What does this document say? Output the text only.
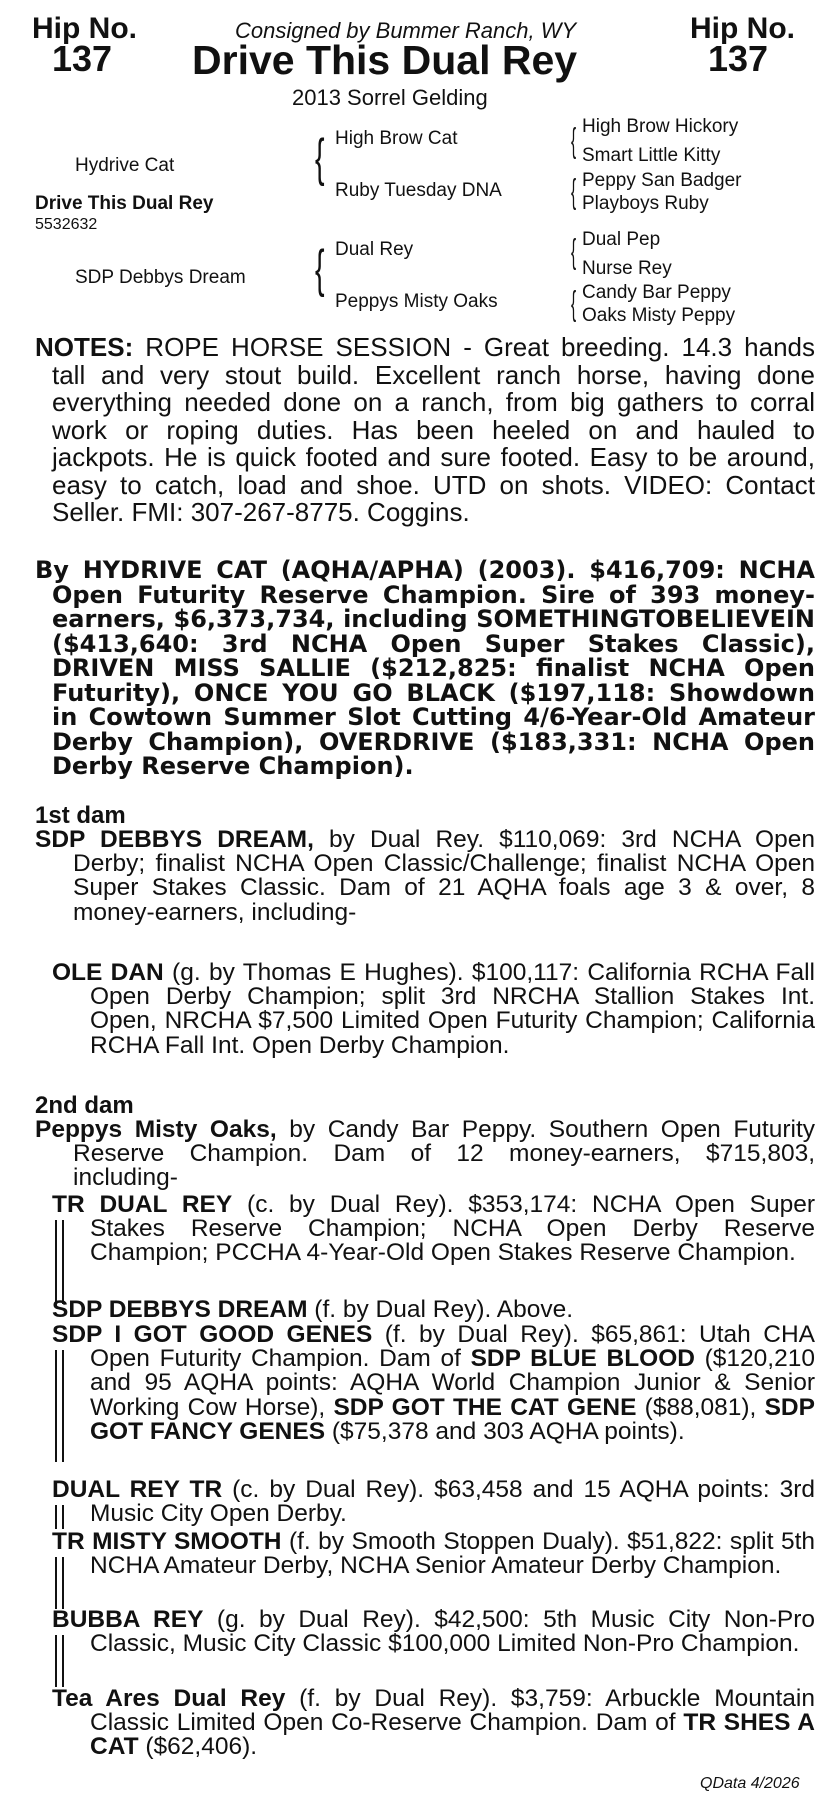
Hip No.
137
Consigned by Bummer Ranch, WY
Drive This Dual Rey
2013 Sorrel Gelding
Hip No.
137
Hydrive Cat
Drive This Dual Rey
5532632
SDP Debbys Dream
{ High Brow Cat
Ruby Tuesday DNA
{ Dual Rey
Peppys Misty Oaks
{ High Brow Hickory
Smart Little Kitty
{ Peppy San Badger
Playboys Ruby
{ Dual Pep
Nurse Rey
{ Candy Bar Peppy
Oaks Misty Peppy

NOTES: ROPE HORSE SESSION - Great breeding. 14.3 hands tall and very stout build. Excellent ranch horse, having done everything needed done on a ranch, from big gathers to corral work or roping duties. Has been heeled on and hauled to jackpots. He is quick footed and sure footed. Easy to be around, easy to catch, load and shoe. UTD on shots. VIDEO: Contact Seller. FMI: 307-267-8775. Coggins.

By HYDRIVE CAT (AQHA/APHA) (2003). $416,709: NCHA Open Futurity Reserve Champion. Sire of 393 money-earners, $6,373,734, including SOMETHINGTOBELIEVEIN ($413,640: 3rd NCHA Open Super Stakes Classic), DRIVEN MISS SALLIE ($212,825: finalist NCHA Open Futurity), ONCE YOU GO BLACK ($197,118: Showdown in Cowtown Summer Slot Cutting 4/6-Year-Old Amateur Derby Champion), OVERDRIVE ($183,331: NCHA Open Derby Reserve Champion).

1st dam

SDP DEBBYS DREAM, by Dual Rey. $110,069: 3rd NCHA Open Derby; finalist NCHA Open Classic/Challenge; finalist NCHA Open Super Stakes Classic. Dam of 21 AQHA foals age 3 & over, 8 money-earners, including-

OLE DAN (g. by Thomas E Hughes). $100,117: California RCHA Fall Open Derby Champion; split 3rd NRCHA Stallion Stakes Int. Open, NRCHA $7,500 Limited Open Futurity Champion; California RCHA Fall Int. Open Derby Champion.

2nd dam

Peppys Misty Oaks, by Candy Bar Peppy. Southern Open Futurity Reserve Champion. Dam of 12 money-earners, $715,803, including-

TR DUAL REY (c. by Dual Rey). $353,174: NCHA Open Super Stakes Reserve Champion; NCHA Open Derby Reserve Champion; PCCHA 4-Year-Old Open Stakes Reserve Champion.

SDP DEBBYS DREAM (f. by Dual Rey). Above.

SDP I GOT GOOD GENES (f. by Dual Rey). $65,861: Utah CHA Open Futurity Champion. Dam of SDP BLUE BLOOD ($120,210 and 95 AQHA points: AQHA World Champion Junior & Senior Working Cow Horse), SDP GOT THE CAT GENE ($88,081), SDP GOT FANCY GENES ($75,378 and 303 AQHA points).

DUAL REY TR (c. by Dual Rey). $63,458 and 15 AQHA points: 3rd Music City Open Derby.

TR MISTY SMOOTH (f. by Smooth Stoppen Dualy). $51,822: split 5th NCHA Amateur Derby, NCHA Senior Amateur Derby Champion.

BUBBA REY (g. by Dual Rey). $42,500: 5th Music City Non-Pro Classic, Music City Classic $100,000 Limited Non-Pro Champion.

Tea Ares Dual Rey (f. by Dual Rey). $3,759: Arbuckle Mountain Classic Limited Open Co-Reserve Champion. Dam of TR SHES A CAT ($62,406).

QData 4/2026
